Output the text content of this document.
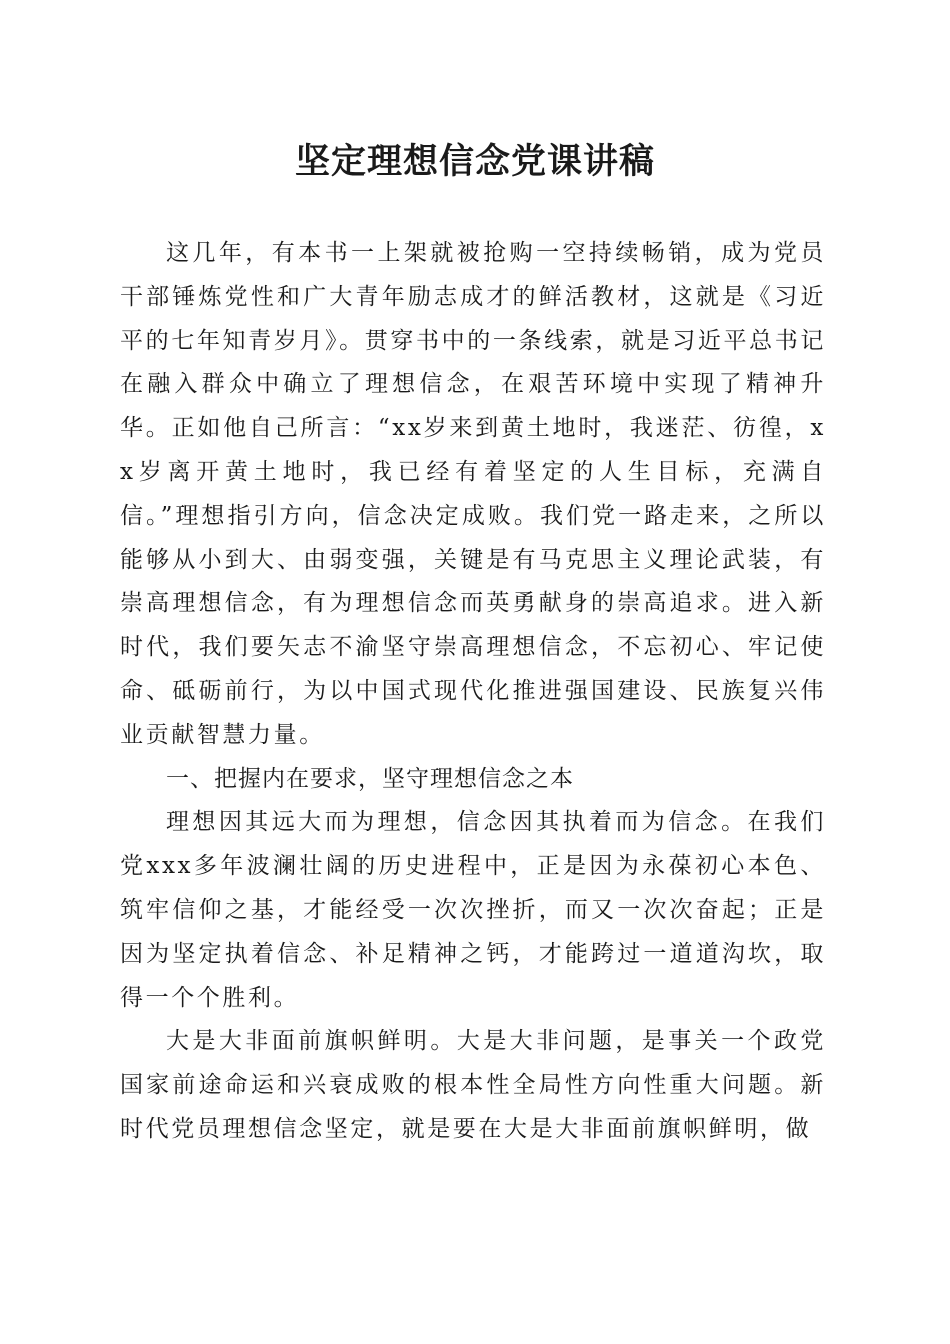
坚定理想信念党课讲稿

这几年，有本书一上架就被抢购一空持续畅销，成为党员干部锤炼党性和广大青年励志成才的鲜活教材，这就是《习近平的七年知青岁月》。贯穿书中的一条线索，就是习近平总书记在融入群众中确立了理想信念，在艰苦环境中实现了精神升华。正如他自己所言：“xx岁来到黄土地时，我迷茫、彷徨，xx岁离开黄土地时，我已经有着坚定的人生目标，充满自信。”理想指引方向，信念决定成败。我们党一路走来，之所以能够从小到大、由弱变强，关键是有马克思主义理论武装，有崇高理想信念，有为理想信念而英勇献身的崇高追求。进入新时代，我们要矢志不渝坚守崇高理想信念，不忘初心、牢记使命、砥砺前行，为以中国式现代化推进强国建设、民族复兴伟业贡献智慧力量。

一、把握内在要求，坚守理想信念之本

理想因其远大而为理想，信念因其执着而为信念。在我们党xxx多年波澜壮阔的历史进程中，正是因为永葆初心本色、筑牢信仰之基，才能经受一次次挫折，而又一次次奋起；正是因为坚定执着信念、补足精神之钙，才能跨过一道道沟坎，取得一个个胜利。

大是大非面前旗帜鲜明。大是大非问题，是事关一个政党国家前途命运和兴衰成败的根本性全局性方向性重大问题。新时代党员理想信念坚定，就是要在大是大非面前旗帜鲜明，做
